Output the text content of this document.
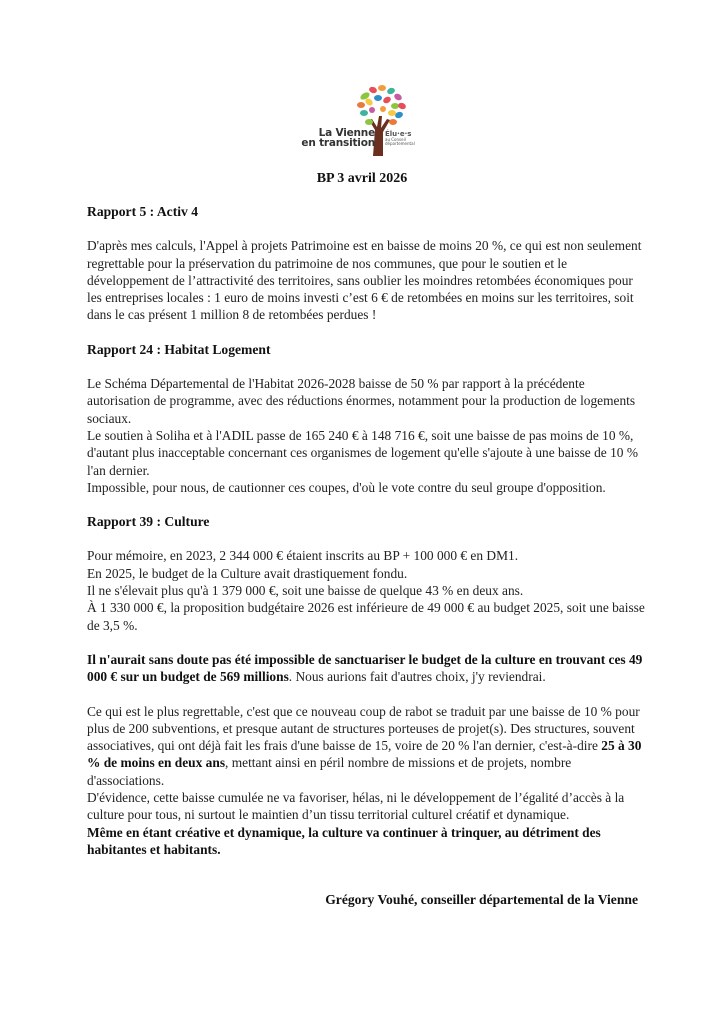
La Vienne
en transition
Élu·e·s
au Conseil
départemental
BP 3 avril 2026
Rapport 5 : Activ 4

D'après mes calculs, l'Appel à projets Patrimoine est en baisse de moins 20 %, ce qui est non seulement regrettable pour la préservation du patrimoine de nos communes, que pour le soutien et le développement de l’attractivité des territoires, sans oublier les moindres retombées économiques pour les entreprises locales : 1 euro de moins investi c’est 6 € de retombées en moins sur les territoires, soit dans le cas présent 1 million 8 de retombées perdues !

Rapport 24 : Habitat Logement

Le Schéma Départemental de l'Habitat 2026-2028 baisse de 50 % par rapport à la précédente autorisation de programme, avec des réductions énormes, notamment pour la production de logements sociaux.

Le soutien à Soliha et à l'ADIL passe de 165 240 € à 148 716 €, soit une baisse de pas moins de 10 %, d'autant plus inacceptable concernant ces organismes de logement qu'elle s'ajoute à une baisse de 10 % l'an dernier.

Impossible, pour nous, de cautionner ces coupes, d'où le vote contre du seul groupe d'opposition.

Rapport 39 : Culture

Pour mémoire, en 2023, 2 344 000 € étaient inscrits au BP + 100 000 € en DM1.

En 2025, le budget de la Culture avait drastiquement fondu.

Il ne s'élevait plus qu'à 1 379 000 €, soit une baisse de quelque 43 % en deux ans.

À 1 330 000 €, la proposition budgétaire 2026 est inférieure de 49 000 € au budget 2025, soit une baisse de 3,5 %.

Il n'aurait sans doute pas été impossible de sanctuariser le budget de la culture en trouvant ces 49 000 € sur un budget de 569 millions. Nous aurions fait d'autres choix, j'y reviendrai.

Ce qui est le plus regrettable, c'est que ce nouveau coup de rabot se traduit par une baisse de 10 % pour plus de 200 subventions, et presque autant de structures porteuses de projet(s). Des structures, souvent associatives, qui ont déjà fait les frais d'une baisse de 15, voire de 20 % l'an dernier, c'est-à-dire 25 à 30 % de moins en deux ans, mettant ainsi en péril nombre de missions et de projets, nombre d'associations.

D'évidence, cette baisse cumulée ne va favoriser, hélas, ni le développement de l’égalité d’accès à la culture pour tous, ni surtout le maintien d’un tissu territorial culturel créatif et dynamique.

Même en étant créative et dynamique, la culture va continuer à trinquer, au détriment des habitantes et habitants.

Grégory Vouhé, conseiller départemental de la Vienne
